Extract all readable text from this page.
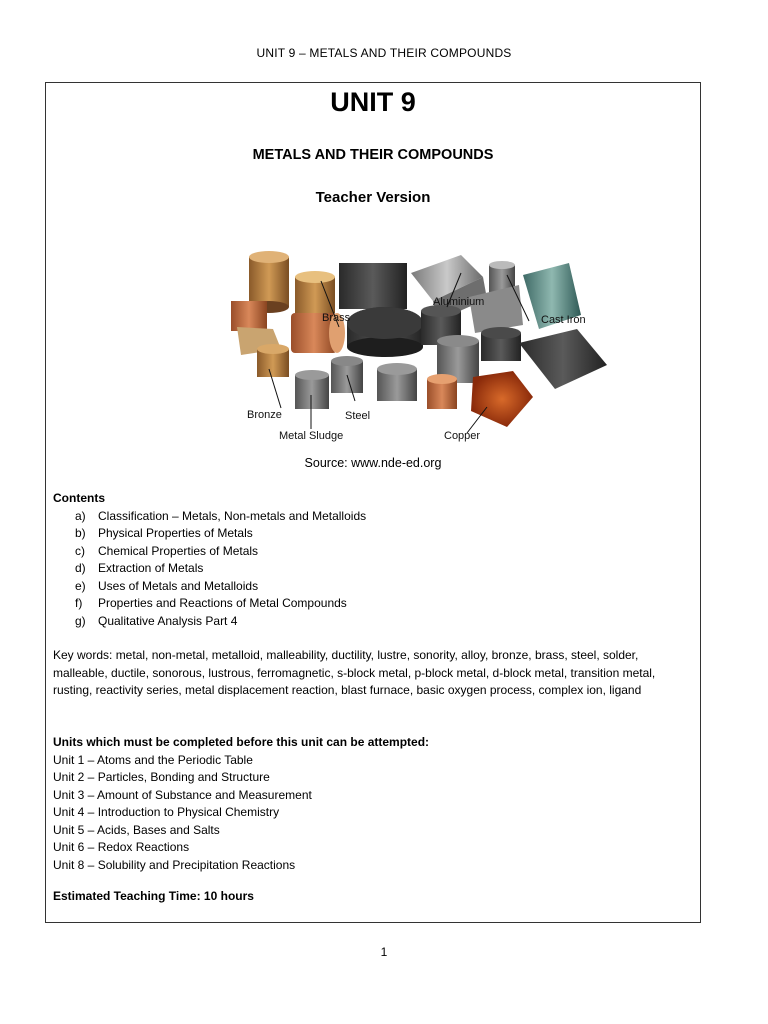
UNIT 9 – METALS AND THEIR COMPOUNDS
UNIT 9
METALS AND THEIR COMPOUNDS
Teacher Version
Brass
Aluminium
Cast Iron
Bronze	Steel
Metal Sludge	Copper
Source: www.nde-ed.org
Contents
a) Classification – Metals, Non-metals and Metalloids
b) Physical Properties of Metals
c) Chemical Properties of Metals
d) Extraction of Metals
e) Uses of Metals and Metalloids
f) Properties and Reactions of Metal Compounds
g) Qualitative Analysis Part 4
Key words: metal, non-metal, metalloid, malleability, ductility, lustre, sonority, alloy, bronze, brass, steel, solder, malleable, ductile, sonorous, lustrous, ferromagnetic, s-block metal, p-block metal, d-block metal, transition metal, rusting, reactivity series, metal displacement reaction, blast furnace, basic oxygen process, complex ion, ligand
Units which must be completed before this unit can be attempted:
Unit 1 – Atoms and the Periodic Table
Unit 2 – Particles, Bonding and Structure
Unit 3 – Amount of Substance and Measurement
Unit 4 – Introduction to Physical Chemistry
Unit 5 – Acids, Bases and Salts
Unit 6 – Redox Reactions
Unit 8 – Solubility and Precipitation Reactions
Estimated Teaching Time: 10 hours
1
